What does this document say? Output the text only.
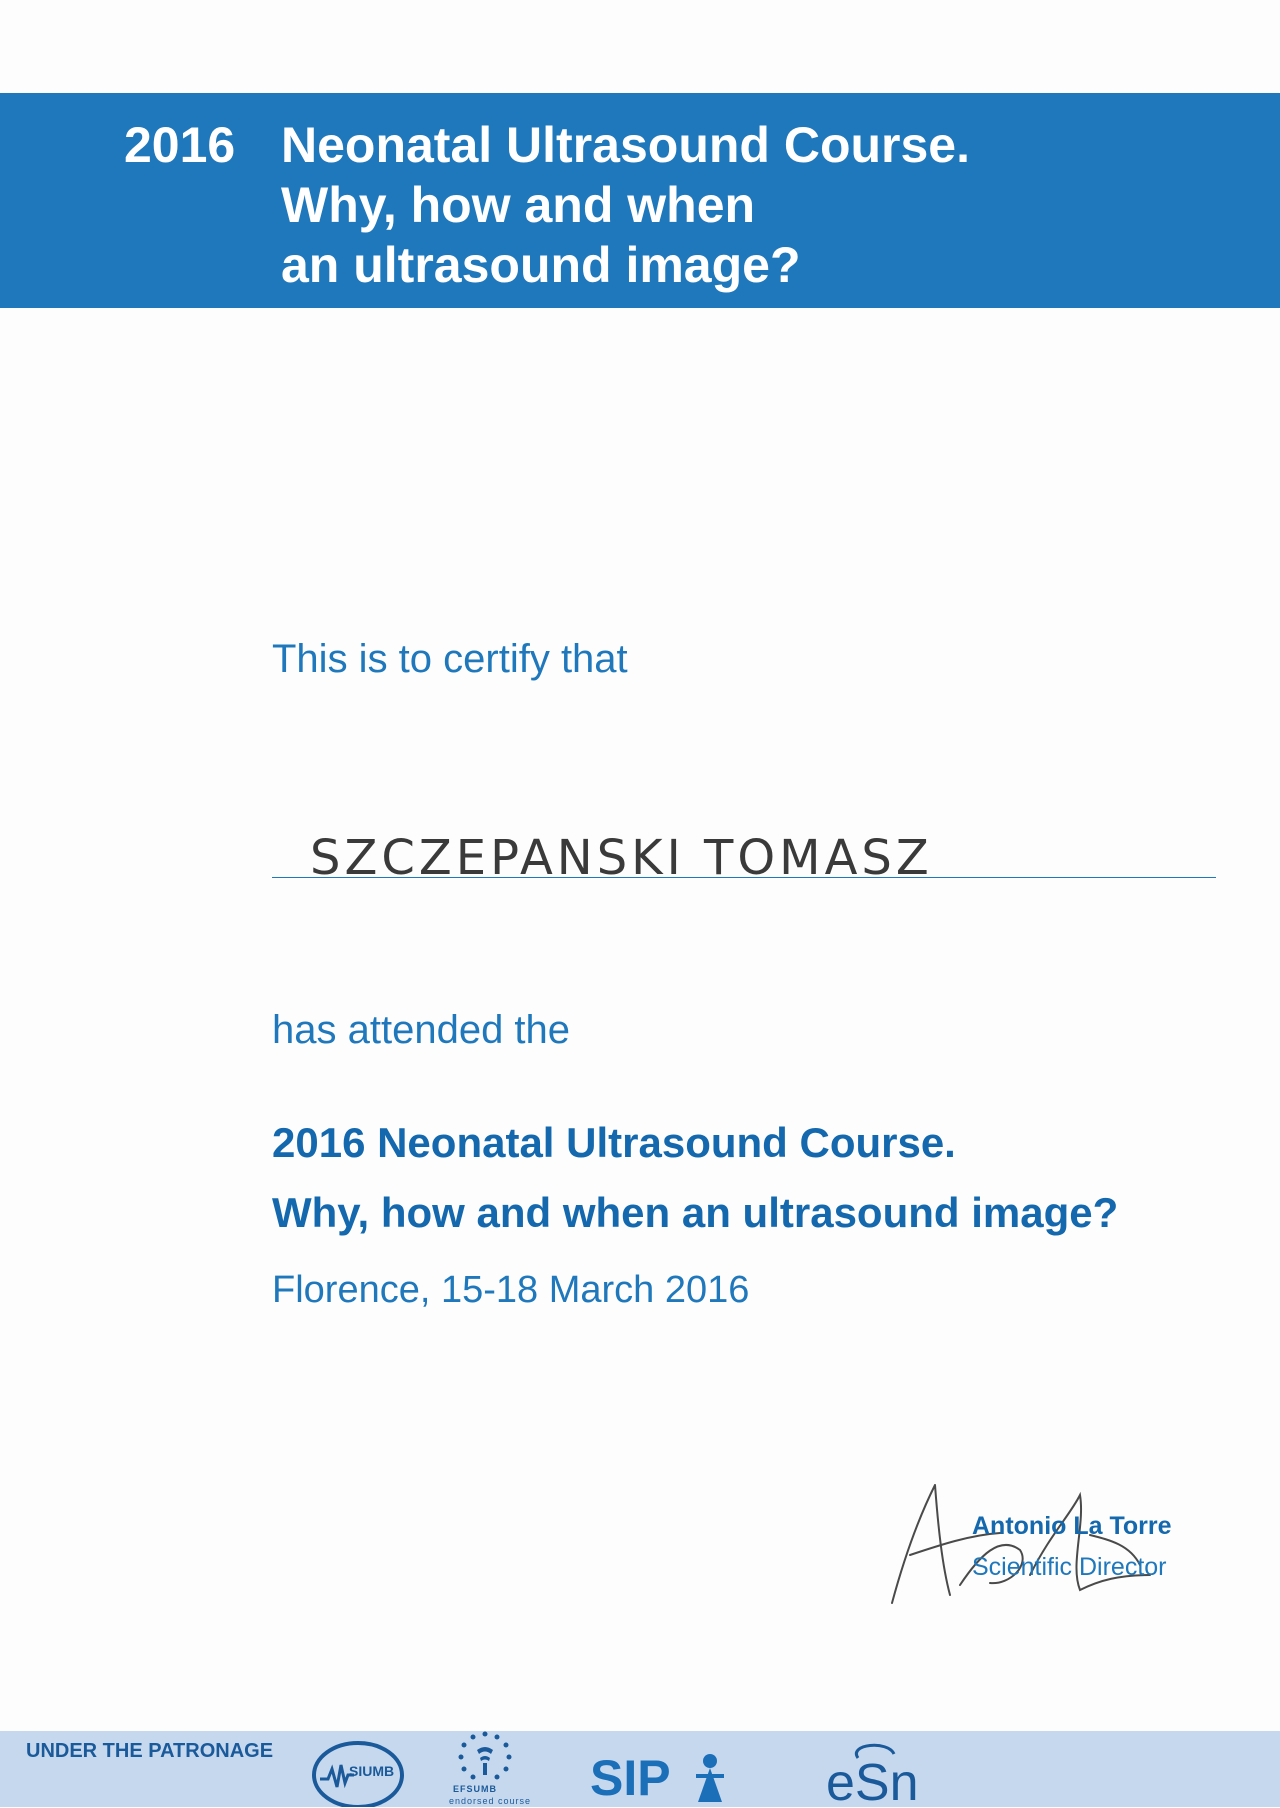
2016 Neonatal Ultrasound Course.
Why, how and when
an ultrasound image?
This is to certify that
SZCZEPANSKI TOMASZ
has attended the
2016 Neonatal Ultrasound Course.
Why, how and when an ultrasound image?
Florence, 15-18 March 2016
Antonio La Torre
Scientific Director
UNDER THE PATRONAGE
SIUMB
EFSUMB
endorsed course SIP	eSn
